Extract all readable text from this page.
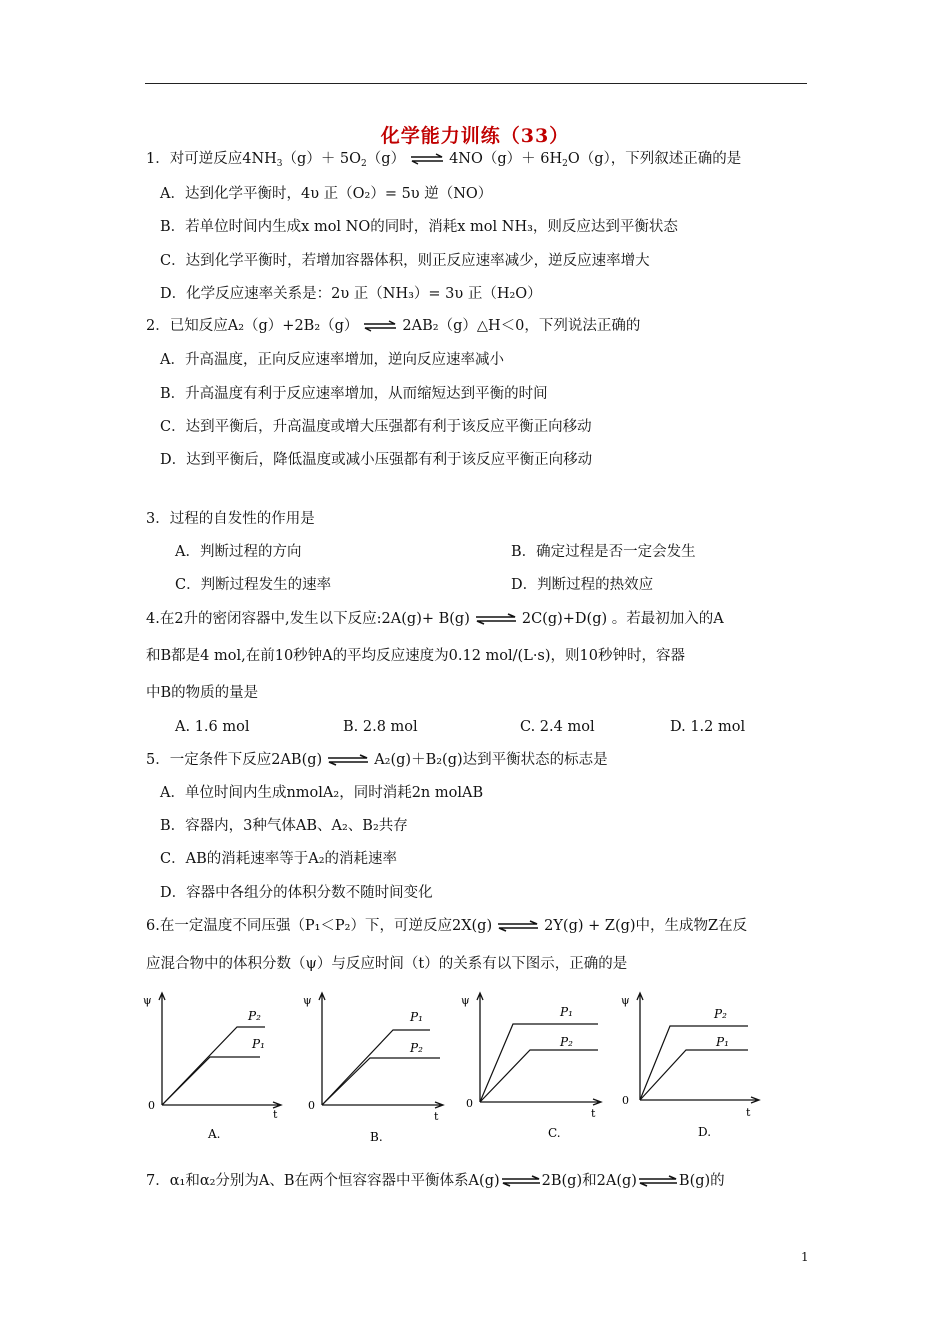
化学能力训练（33）
1．对可逆反应$4NH_3(g)+ 5O_2(g)$ ⇌ $4NO(g)+ 6H_2O(g)$，下列叙述正确的是
A．达到化学平衡时，4υ 正（O₂）= 5υ 逆（NO）
B．若单位时间内生成x mol NO的同时，消耗x mol NH₃，则反应达到平衡状态
C．达到化学平衡时，若增加容器体积，则正反应速率减少，逆反应速率增大
D．化学反应速率关系是：2υ 正（NH₃）= 3υ 正（H₂O）
2．已知反应A₂（g）+2B₂（g） ⇌ 2AB₂（g）△H＜0，下列说法正确的
A．升高温度，正向反应速率增加，逆向反应速率减小
B．升高温度有利于反应速率增加，从而缩短达到平衡的时间
C．达到平衡后，升高温度或增大压强都有利于该反应平衡正向移动
D．达到平衡后，降低温度或减小压强都有利于该反应平衡正向移动
3．过程的自发性的作用是
A．判断过程的方向	B．确定过程是否一定会发生
C．判断过程发生的速率	D．判断过程的热效应
4.在2升的密闭容器中,发生以下反应:2A(g)+ B(g) ⇌ 2C(g)+D(g) 。若最初加入的A
和B都是4 mol,在前10秒钟A的平均反应速度为0.12 mol/(L·s)，则10秒钟时，容器
中B的物质的量是
A. 1.6 mol	B. 2.8 mol	C. 2.4 mol	D. 1.2 mol
5．一定条件下反应2AB(g) ⇌ A₂(g)＋B₂(g)达到平衡状态的标志是
A．单位时间内生成nmolA₂，同时消耗2n molAB
B．容器内，3种气体AB、A₂、B₂共存
C．AB的消耗速率等于A₂的消耗速率
D．容器中各组分的体积分数不随时间变化
6.在一定温度不同压强（P₁＜P₂）下，可逆反应2X(g) ⇌ 2Y(g) + Z(g)中，生成物Z在反
应混合物中的体积分数（ψ）与反应时间（t）的关系有以下图示，正确的是
ψ
0
t
P₂
P₁
A.
ψ
0
t
P₁
P₂
B.
ψ
0
t
P₁
P₂
C.
ψ
0
t
P₂
P₁
D.
7．α₁和α₂分别为A、B在两个恒容容器中平衡体系A(g)⇌2B(g)和2A(g)⇌B(g)的
1
